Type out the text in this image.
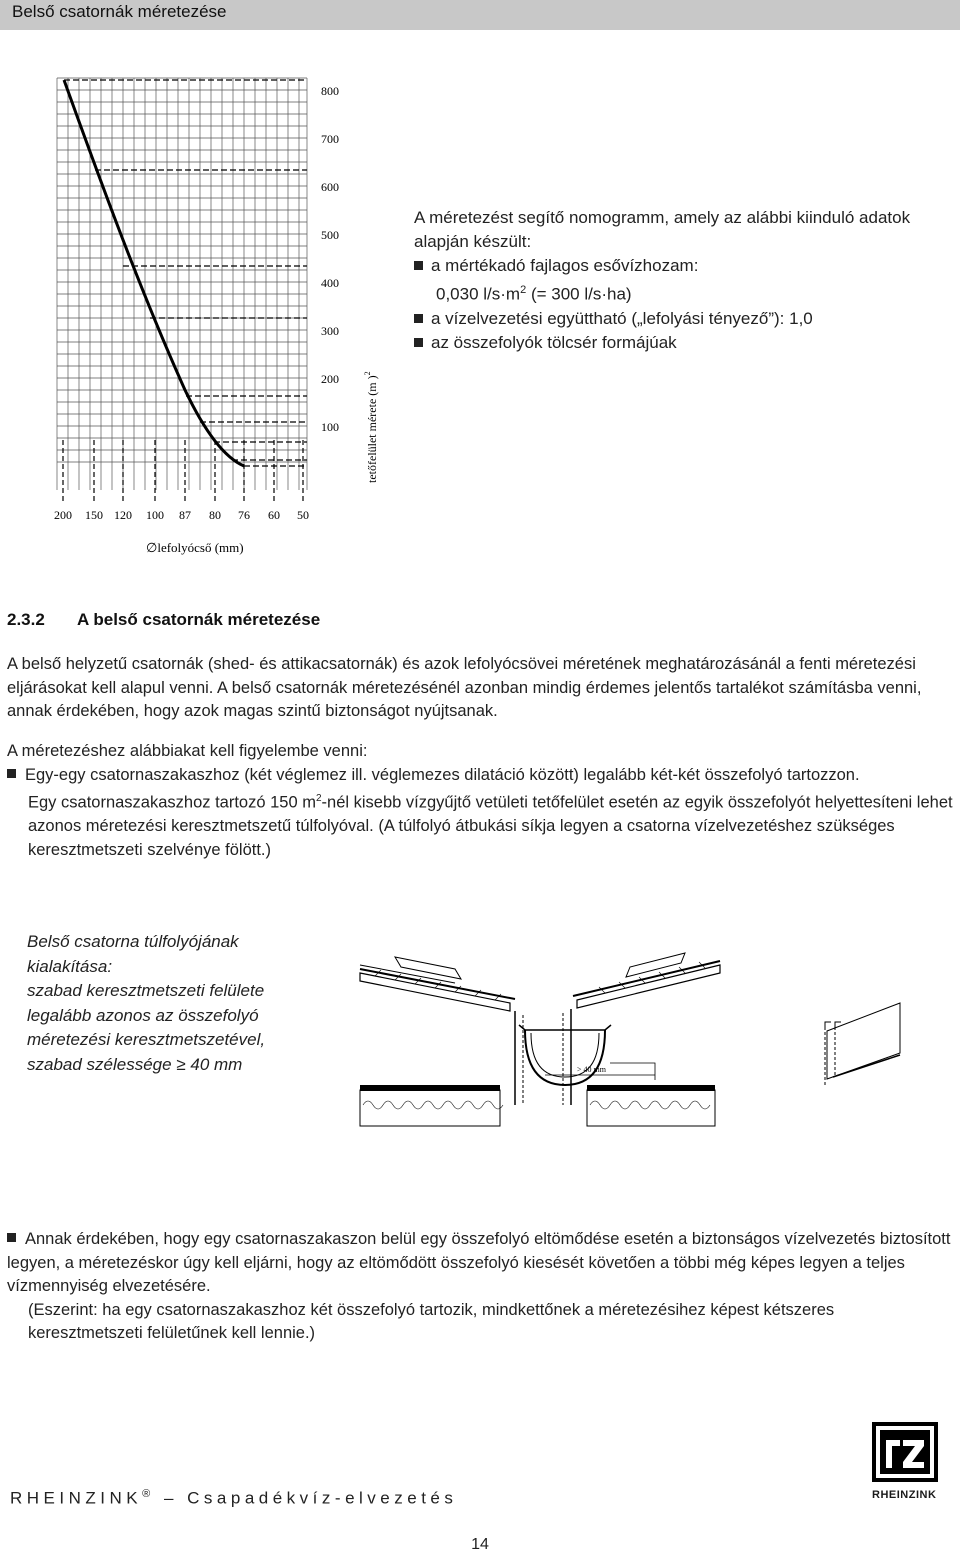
Belső csatornák méretezése
800
700
600
500
400
300
200
100
200 150 120 100 87 80 76 60 50
tetőfelület mérete (m )$^2$
∅lefolyócső (mm)

A méretezést segítő nomogramm, amely az alábbi kiinduló adatok alapján készült:

a mértékadó fajlagos esővízhozam:

0,030 $l/s\cdot m^2$ (= 300 l/s·ha)

a vízelvezetési együttható („lefolyási tényező”): 1,0

az összefolyók tölcsér formájúak

2.3.2 A belső csatornák méretezése

A belső helyzetű csatornák (shed- és attikacsatornák) és azok lefolyócsövei méretének meghatározásánál a fenti méretezési eljárásokat kell alapul venni. A belső csatornák méretezésénél azonban mindig érdemes jelentős tartalékot számításba venni, annak érdekében, hogy azok magas szintű biztonságot nyújtsanak.

A méretezéshez alábbiakat kell figyelembe venni:

Egy-egy csatornaszakaszhoz (két véglemez ill. véglemezes dilatáció között) legalább két-két összefolyó tartozzon.

Egy csatornaszakaszhoz tartozó 150 $m^2$-nél kisebb vízgyűjtő vetületi tetőfelület esetén az egyik összefolyót helyettesíteni lehet azonos méretezési keresztmetszetű túlfolyóval. (A túlfolyó átbukási síkja legyen a csatorna vízelvezetéshez szükséges keresztmetszeti szelvénye fölött.)

Belső csatorna túlfolyójának

kialakítása:

szabad keresztmetszeti felülete

legalább azonos az összefolyó

méretezési keresztmetszetével,

szabad szélessége ≥ 40 mm	> 40 mm

Annak érdekében, hogy egy csatornaszakaszon belül egy összefolyó eltömődése esetén a biztonságos vízelvezetés biztosított legyen, a méretezéskor úgy kell eljárni, hogy az eltömődött összefolyó kiesését követően a többi még képes legyen a teljes vízmennyiség elvezetésére.

(Eszerint: ha egy csatornaszakaszhoz két összefolyó tartozik, mindkettőnek a méretezésihez képest kétszeres keresztmetszeti felületűnek kell lennie.)

RHEINZINK® – Csapadékvíz-elvezetés	RHEINZINK
14
